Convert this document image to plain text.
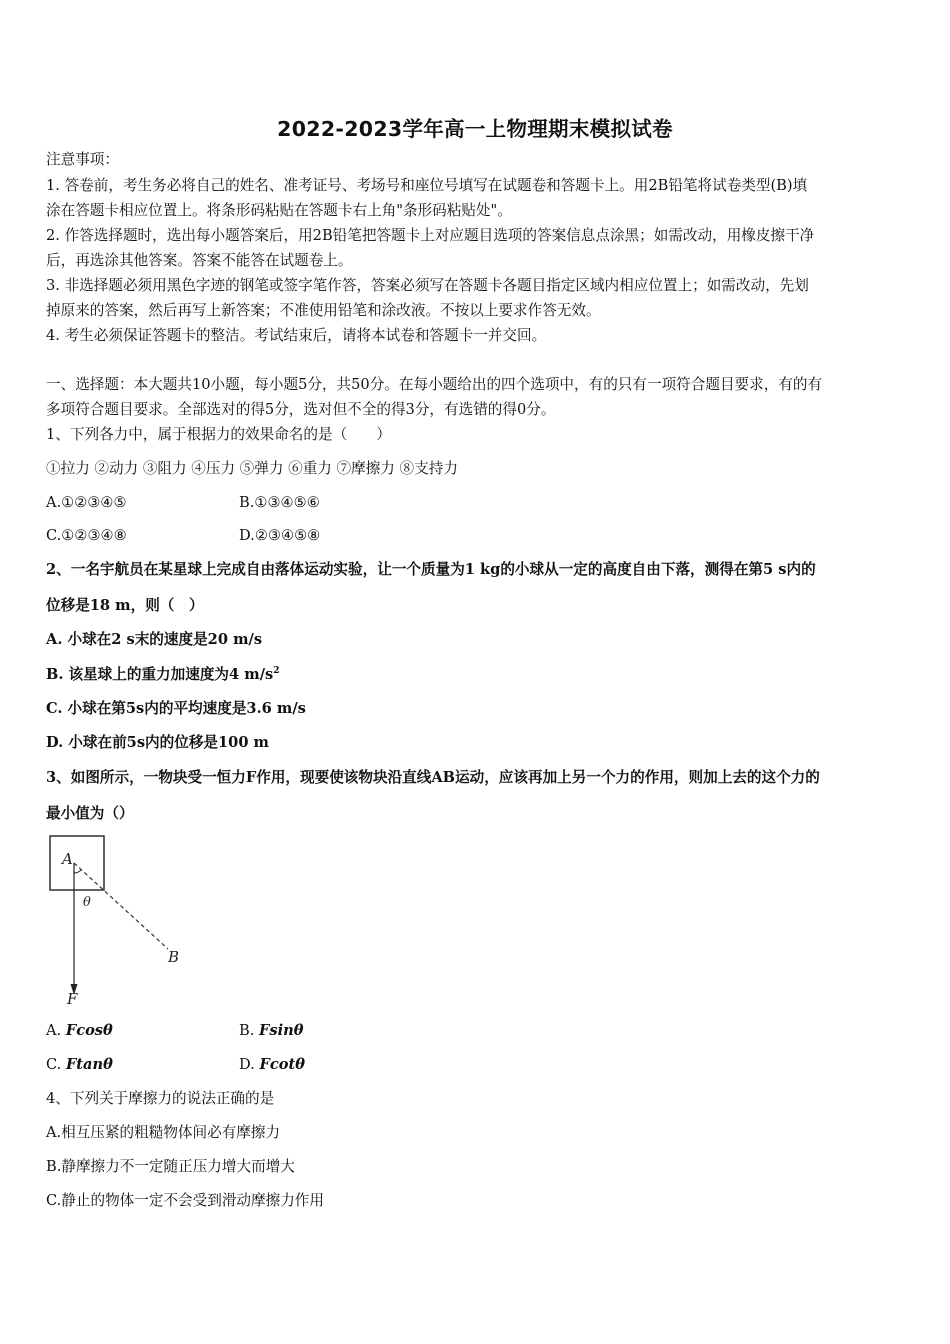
2022-2023学年高一上物理期末模拟试卷
注意事项：
1. 答卷前，考生务必将自己的姓名、准考证号、考场号和座位号填写在试题卷和答题卡上。用2B铅笔将试卷类型(B)填
涂在答题卡相应位置上。将条形码粘贴在答题卡右上角"条形码粘贴处"。
2. 作答选择题时，选出每小题答案后，用2B铅笔把答题卡上对应题目选项的答案信息点涂黑；如需改动，用橡皮擦干净
后，再选涂其他答案。答案不能答在试题卷上。
3. 非选择题必须用黑色字迹的钢笔或签字笔作答，答案必须写在答题卡各题目指定区域内相应位置上；如需改动，先划
掉原来的答案，然后再写上新答案；不准使用铅笔和涂改液。不按以上要求作答无效。
4. 考生必须保证答题卡的整洁。考试结束后，请将本试卷和答题卡一并交回。
一、选择题：本大题共10小题，每小题5分，共50分。在每小题给出的四个选项中，有的只有一项符合题目要求，有的有
多项符合题目要求。全部选对的得5分，选对但不全的得3分，有选错的得0分。
1、下列各力中，属于根据力的效果命名的是（　　）
①拉力 ②动力 ③阻力 ④压力 ⑤弹力 ⑥重力 ⑦摩擦力 ⑧支持力
A.①②③④⑤	B.①③④⑤⑥
C.①②③④⑧	D.②③④⑤⑧
2、一名宇航员在某星球上完成自由落体运动实验，让一个质量为1 kg的小球从一定的高度自由下落，测得在第5 s内的
位移是18 m，则（　）
A. 小球在2 s末的速度是20 m/s
B. 该星球上的重力加速度为4 $m/s^2$
C. 小球在第5s内的平均速度是3.6 m/s
D. 小球在前5s内的位移是100 m
3、如图所示，一物块受一恒力F作用，现要使该物块沿直线AB运动，应该再加上另一个力的作用，则加上去的这个力的
最小值为（）
A
θ
B
F
A. Fcosθ	B. Fsinθ
C. Ftanθ	D. Fcotθ
4、下列关于摩擦力的说法正确的是
A.相互压紧的粗糙物体间必有摩擦力
B.静摩擦力不一定随正压力增大而增大
C.静止的物体一定不会受到滑动摩擦力作用
